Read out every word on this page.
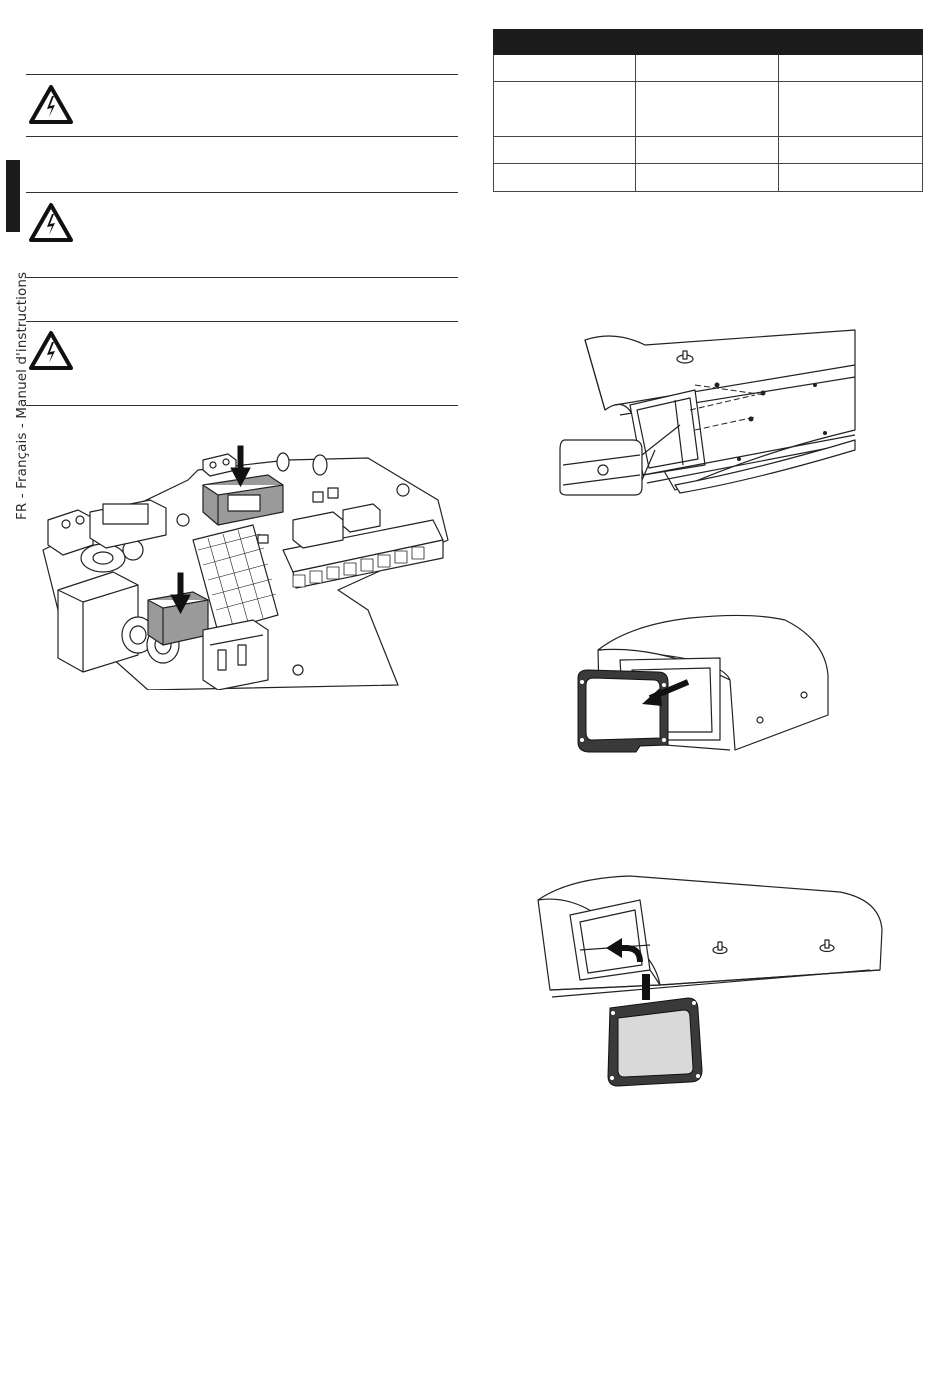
FR - Français - Manuel d'instructions
